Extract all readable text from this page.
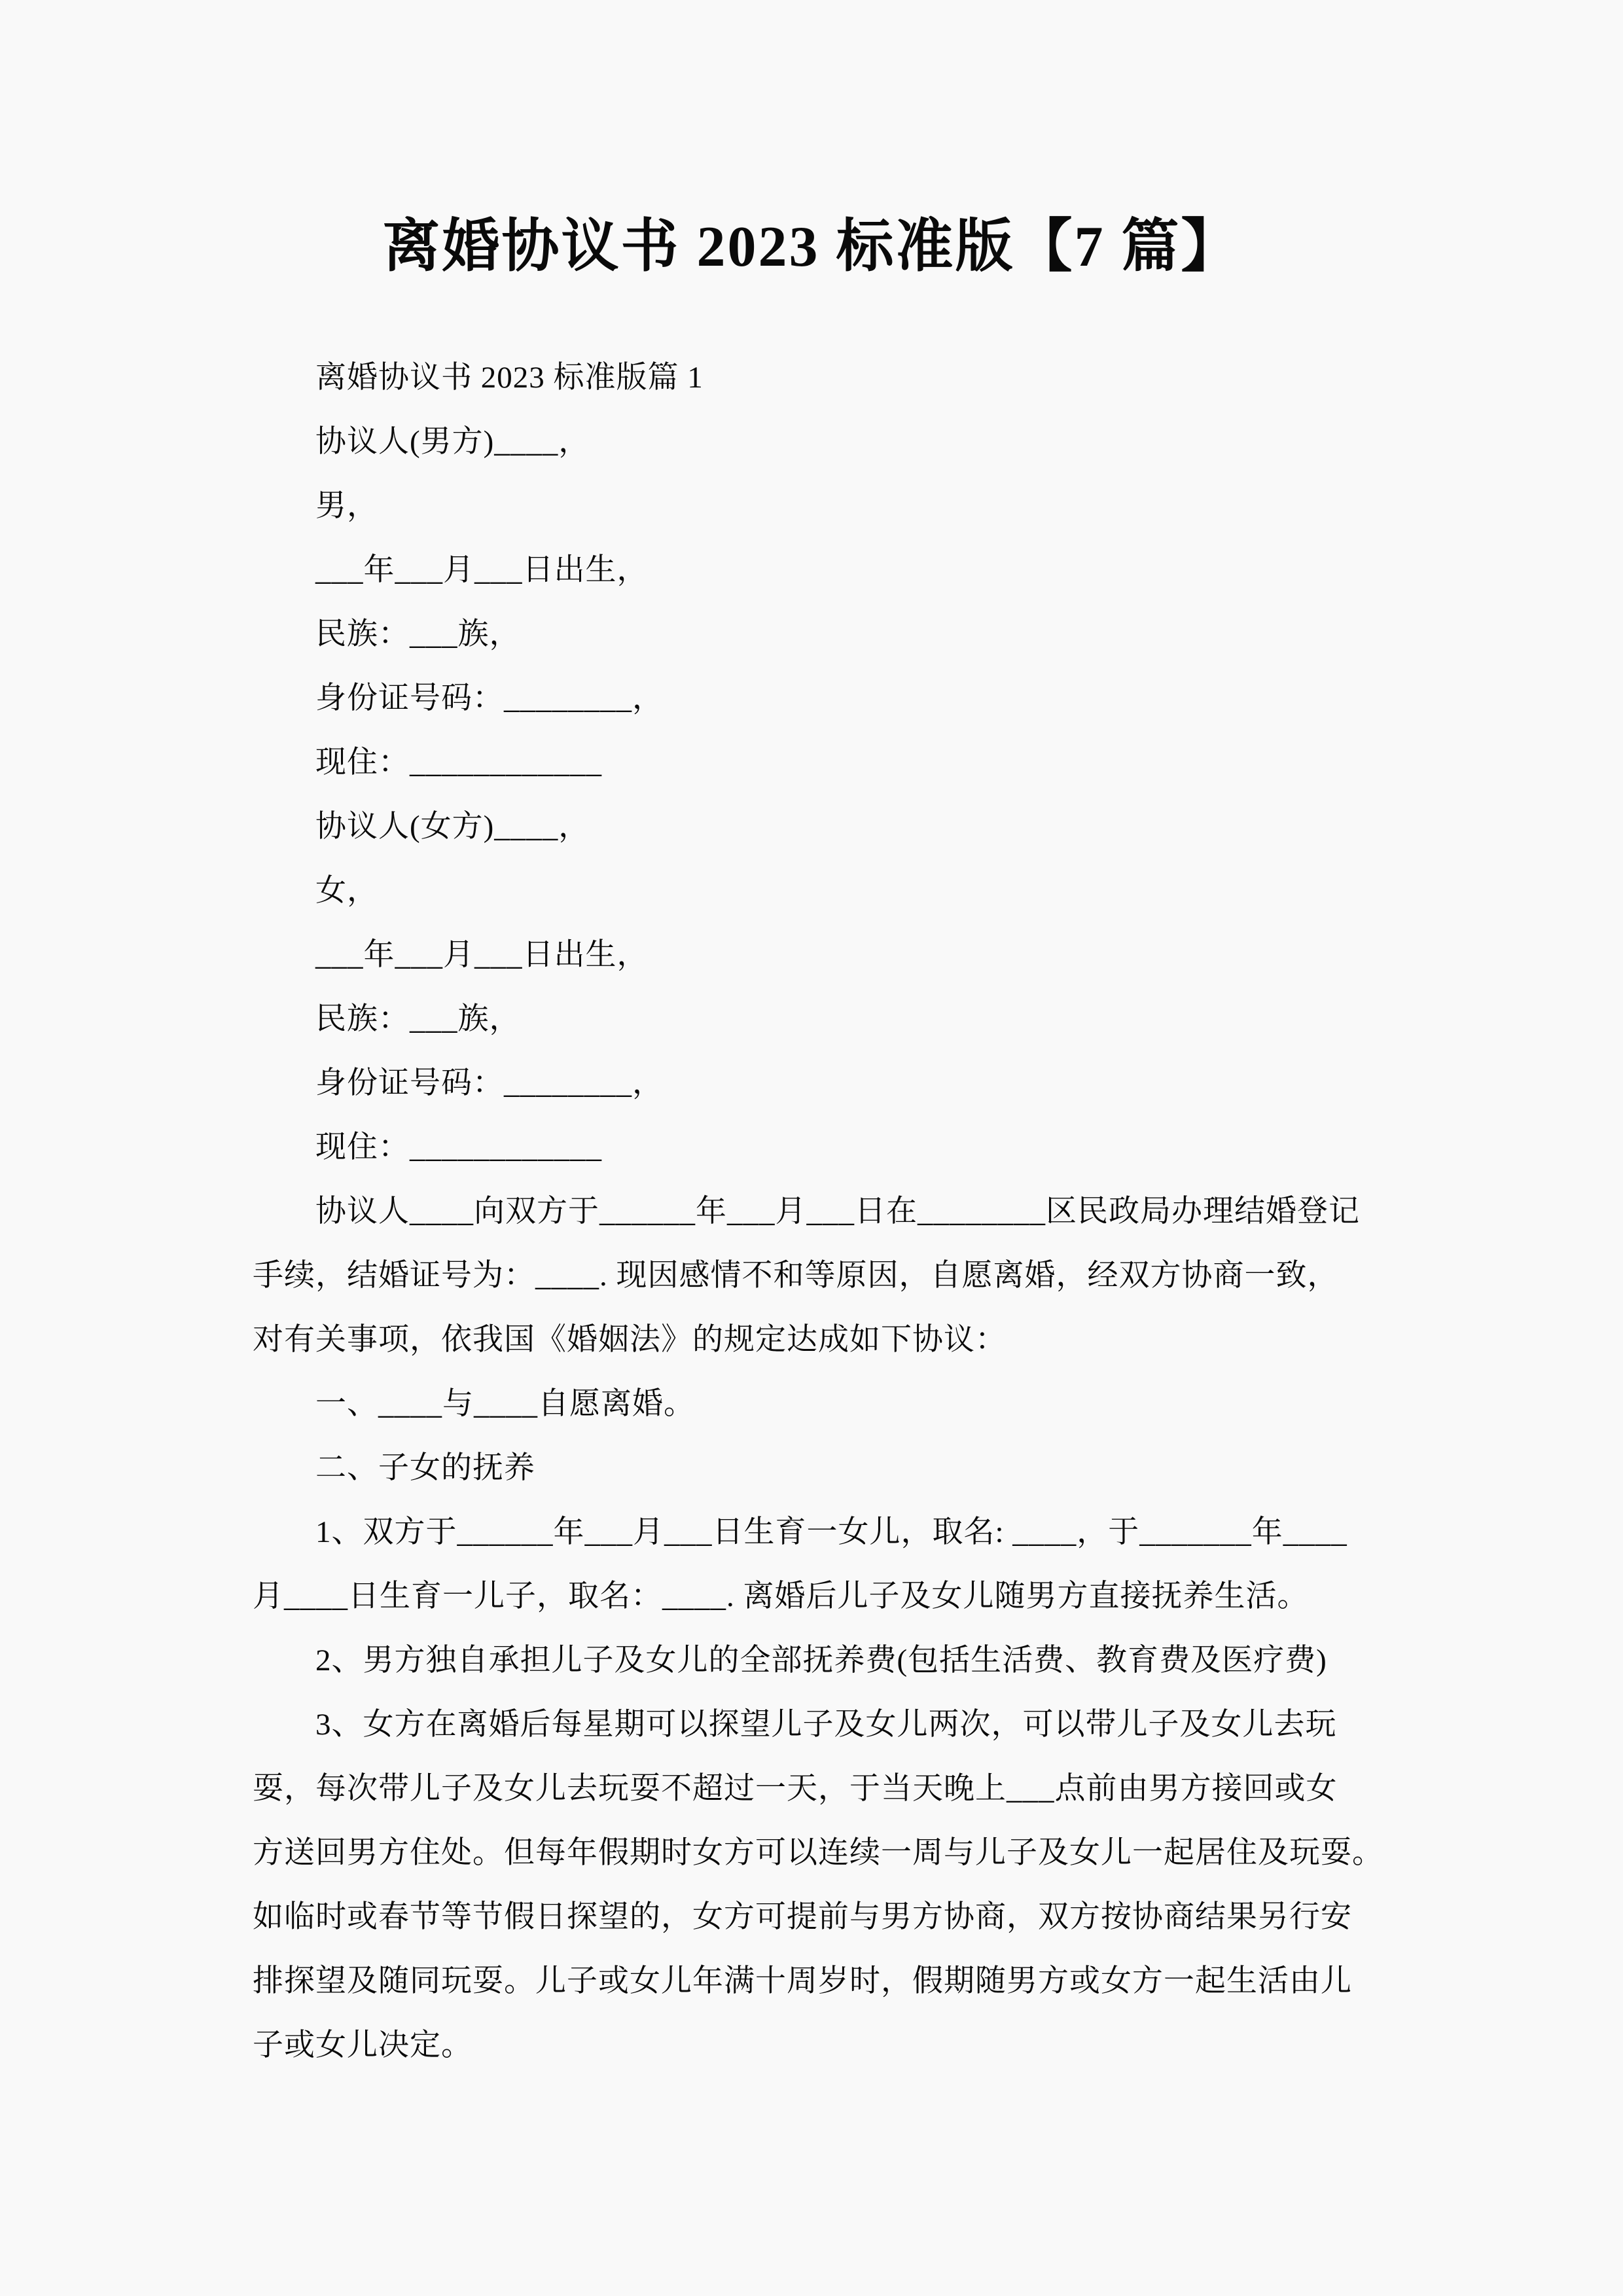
离婚协议书 2023 标准版【7 篇】
离婚协议书 2023 标准版篇 1
协议人(男方)____，
男，
___年___月___日出生，
民族：___族，
身份证号码：________，
现住：____________
协议人(女方)____，
女，
___年___月___日出生，
民族：___族，
身份证号码：________，
现住：____________
协议人____向双方于______年___月___日在________区民政局办理结婚登记
手续，结婚证号为：____. 现因感情不和等原因，自愿离婚，经双方协商一致，
对有关事项，依我国《婚姻法》的规定达成如下协议：
一、____与____自愿离婚。
二、子女的抚养
1、双方于______年___月___日生育一女儿，取名: ____，于_______年____
月____日生育一儿子，取名：____. 离婚后儿子及女儿随男方直接抚养生活。
2、男方独自承担儿子及女儿的全部抚养费(包括生活费、教育费及医疗费)
3、女方在离婚后每星期可以探望儿子及女儿两次，可以带儿子及女儿去玩
耍，每次带儿子及女儿去玩耍不超过一天，于当天晚上___点前由男方接回或女
方送回男方住处。但每年假期时女方可以连续一周与儿子及女儿一起居住及玩耍。
如临时或春节等节假日探望的，女方可提前与男方协商，双方按协商结果另行安
排探望及随同玩耍。儿子或女儿年满十周岁时，假期随男方或女方一起生活由儿
子或女儿决定。
